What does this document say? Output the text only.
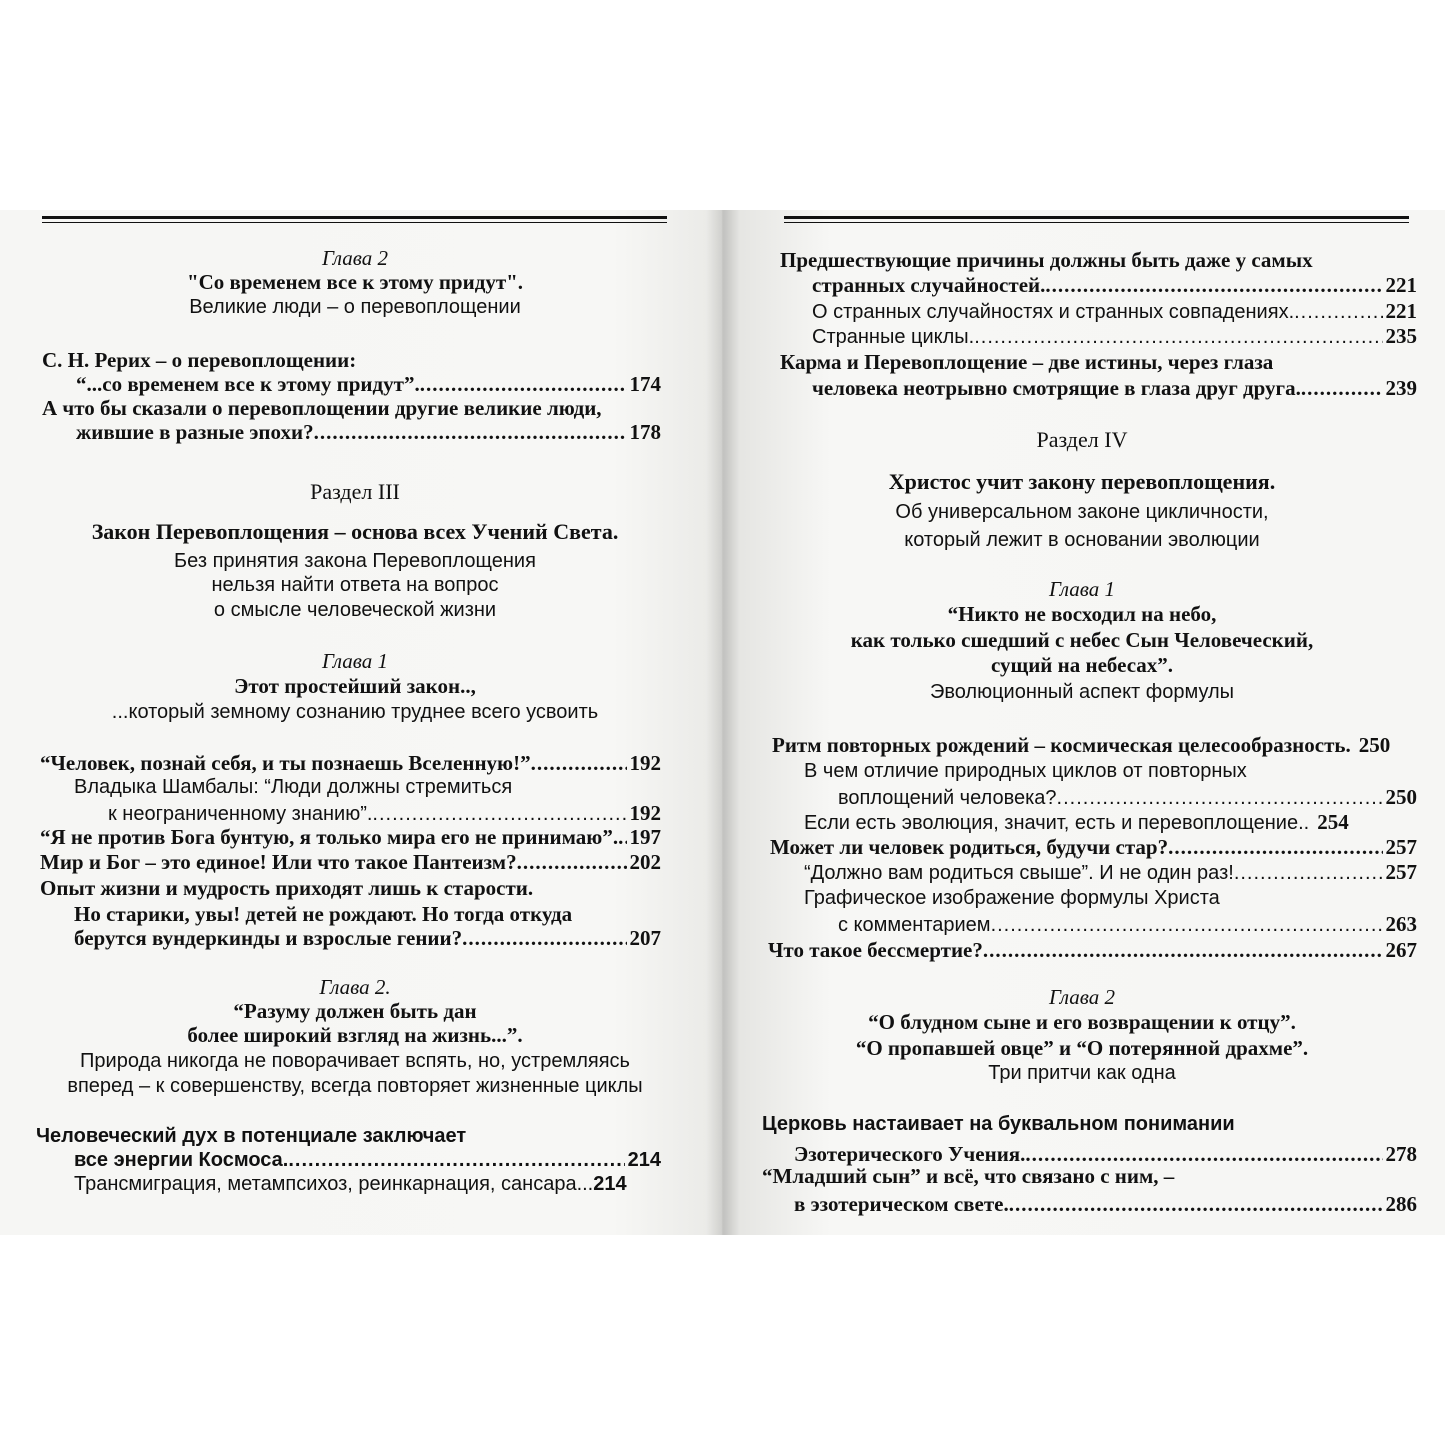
Глава 2
"Со временем все к этому придут".
Великие люди – о перевоплощении
С. Н. Рерих – о перевоплощении:
“...со временем все к этому придут”. .....	174
А что бы сказали о перевоплощении другие великие люди,
жившие в разные эпохи? .....	178
Раздел III
Закон Перевоплощения – основа всех Учений Света.
Без принятия закона Перевоплощения
нельзя найти ответа на вопрос
о смысле человеческой жизни
Глава 1
Этот простейший закон..,
...который земному сознанию труднее всего усвоить
“Человек, познай себя, и ты познаешь Вселенную!” .....	192
Владыка Шамбалы: “Люди должны стремиться
к неограниченному знанию”. .....	192
“Я не против Бога бунтую, я только мира его не принимаю”. ..... 197
Мир и Бог – это единое! Или что такое Пантеизм? .....	202
Опыт жизни и мудрость приходят лишь к старости.
Но старики, увы! детей не рождают. Но тогда откуда
берутся вундеркинды и взрослые гении? .....	207
Глава 2.
“Разуму должен быть дан
более широкий взгляд на жизнь...”.
Природа никогда не поворачивает вспять, но, устремляясь
вперед – к совершенству, всегда повторяет жизненные циклы
Человеческий дух в потенциале заключает
все энергии Космоса. .....	214
Трансмиграция, метампсихоз, реинкарнация, сансара...214
Предшествующие причины должны быть даже у самых
странных случайностей. .....	221
О странных случайностях и странных совпадениях. .....	221
Странные циклы. .....	235
Карма и Перевоплощение – две истины, через глаза
человека неотрывно смотрящие в глаза друг друга. .....	239
Раздел IV
Христос учит закону перевоплощения.
Об универсальном законе цикличности,
который лежит в основании эволюции
Глава 1
“Никто не восходил на небо,
как только сшедший с небес Сын Человеческий,
сущий на небесах”.
Эволюционный аспект формулы
Ритм повторных рождений – космическая целесообразность. 250
В чем отличие природных циклов от повторных
воплощений человека? .....	250
Если есть эволюция, значит, есть и перевоплощение.. 254
Может ли человек родиться, будучи стар? .....	257
“Должно вам родиться свыше”. И не один раз! .....	257
Графическое изображение формулы Христа
с комментарием .....	263
Что такое бессмертие? .....	267
Глава 2
“О блудном сыне и его возвращении к отцу”.
“О пропавшей овце” и “О потерянной драхме”.
Три притчи как одна
Церковь настаивает на буквальном понимании
Эзотерического Учения. .....	278
“Младший сын” и всё, что связано с ним, –
в эзотерическом свете. .....	286
